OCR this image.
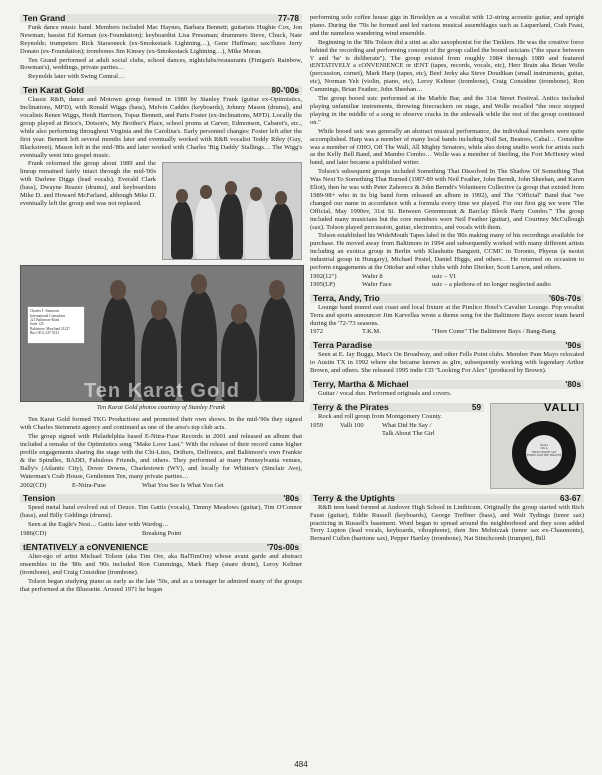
Ten Grand	77-78

Funk dance music band. Members included Mac Haynes, Barbara Bennett; guitarists Hughie Cox, Jon Newman; bassist Ed Kernan (ex-Foundation); keyboardist Lisa Pressman; drummers Steve, Chuck, Nate Reynolds; trumpeters Rick Starsoneck (ex-Smokestack Lightning…), Gene Huffman; sax/flutes Jerry Donato (ex-Foundation); trombones Jim Kinsey (ex-Smokestack Lightning…), Mike Moran.

Ten Grand performed at adult social clubs, school dances, nightclubs/restaurants (Finigan's Rainbow, Bowman's), weddings, private parties…

Reynolds later with Swing Central…

Ten Karat Gold	80-'00s

Classic R&B, dance and Motown group formed in 1980 by Stanley Frank (guitar ex-Optimistics, Inclinations, MFD), with Ronald Wiggs (bass), Melvin Caddes (keyboards), Johnny Mason (drums), and vocalists Renee Wiggs, Heidi Harrison, Topaz Bennett, and Paris Foster (ex-Inclinations, MFD). Locally the group played at Brice's, Dotson's, My Brother's Place, school proms at Carver, Edmonson, Cabaret's, etc., while also performing throughout Virginia and the Carolina's. Early personnel changes: Foster left after the first year. Bennett left several months later and eventually worked with R&B vocalist Teddy Riley (Guy, Blackstreet). Mason left in the mid-'80s and later worked with Charles 'Big Daddy' Stallings… The Wigg's eventually went into gospel music.

Frank reformed the group about 1989 and the lineup remained fairly intact through the mid-'00s with Darlene Diggs (lead vocals), Everald Clark (bass), Dwayne Reazer (drums), and keyboardists Mike D. and Howard McFarland, although Mike D. eventually left the group and was not replaced.

Charles T. Simmons
International Consultant
221 Baltimore Road
Suite 125
Baltimore, Maryland 21227
Bus (301) 247-3333
Ten Karat Gold
Ten Karat Gold photos courtesy of Stanley Frank

Ten Karat Gold formed TKG Productions and promoted their own shows. In the mid-'90s they signed with Charles Steinmetz agency and continued as one of the area's top club acts.

The group signed with Philadelphia based E-Nitra-Fuse Records in 2001 and released an album that included a remake of the Optimistics song "Make Love Last." With the release of their record came higher profile engagements sharing the stage with the Chi-Lites, Drifters, Delfonics, and Baltimore's own Frankie & the Spindles, BADD, Fabulous Friends, and others. They performed at many Pennsylvania venues, Bally's (Atlantic City), Dover Downs, Charlestown (WV), and locally for Whitten's (Sinclair Ave), Waterman's Crab House, Gentlemen Ten, many private parties…

2002(CD)	E-Nitra-Fuse	What You See Is What You Get
Tension	'80s

Speed metal band evolved out of Deuce. Tim Gattis (vocals), Timmy Meadows (guitar), Tim O'Connor (bass), and Billy Giddings (drums).

Seen at the Eagle's Nest… Gattis later with Wardog…

1986(CD)	Breaking Point
tENTATIVELY a cONVENIENCE	'70s-00s

Alter-ego of artist Michael Tolson (aka Tim Ore, aka BalTimOre) whose avant garde and abstract ensembles in the '80s and '90s included Ron Cummings, Mark Harp (snare drum), Leroy Keltner (trombone), and Craig Considine (trombone).

Tolson began studying piano as early as the late '50s, and as a teenager he admired many of the groups that performed at the Bluesette. Around 1971 he began

performing solo coffee house gigs in Brooklyn as a vocalist with 12-string acoustic guitar, and upright piano. During the '70s he formed and led various musical assemblages such as Laquerland, Crab Feast, and the nameless wandering wind ensemble.

Beginning in the '80s Tolson did a stint as alto saxophonist for the Tinklers. He was the creative force behind the recording and performing concept of the group called the booed usicians ("the space between 't' and 'he' is deliberate"). The group existed from roughly 1984 through 1989 and featured tENTATIVELY a cONVENIENCE or tENT (tapes, records, vocals, etc), Herr Brain aka Brian Wolle (percussion, cornet), Mark Harp (tapes, etc), Beef Jerky aka Steve Doudikan (small instruments, guitar, etc), Norman Yeh (violin, piano, etc), Leroy Keltner (trombone), Craig Considine (trombone), Ron Cummings, Brian Feather, John Sheehan…

The group booed usic performed at the Marble Bar, and the 31st Street Festival. Antics included playing unfamiliar instruments, throwing firecrackers on stage, and Wolle recalled "the once stopped playing in the middle of a song to observe cracks in the sidewalk while the rest of the group continued on."

While booed usic was generally an abstract musical performance, the individual members were quite accomplished. Harp was a member of many local bands including Null Set, Beatoes, Cabal… Considine was a member of OHO, Off The Wall, All Mighty Senators, while also doing studio work for artists such as the Kelly Bell Band, and Mambo Combo… Wolle was a member of Sterling, the Fort McHenry wind band, and later became a published writer.

Tolson's subsequent groups included Something That Dissolved In The Shadow Of Something That Was Next To Something That Burned (1987-89 with Neil Feather, John Berndt, John Sheehan, and Karen Eliot), then he was with Peter Zahorecz & John Berndt's Volunteers Collective (a group that existed from 1989-98+ who in its big band form released an album in 1992), and The "Official" Band that "we changed our name in accordance with a formula every time we played. For our first gig we were 'The Official, May 1990ev, 31st St. Between Greenmount & Barclay Block Party Combo.'" The group included many musicians but the core members were Neil Feather (guitar), and Courtney McCullough (sax). Tolson played percussion, guitar, electronics, and vocals with them.

Tolson established his WideMouth Tapes label in the '80s making many of his recordings available for purchase. He moved away from Baltimore in 1994 and subsequently worked with many different artists including an exotica group in Berlin with Klauhutte Bangzeit, CCMC in Toronto, Phyeus (a neoist industrial group in Hungary), Michael Pestel, Daniel Higgs, and others… He returned on occasion to perform engagements at the Ottobar and other clubs with John Dierker, Scott Larson, and others.

1992(12")	Wafer 8	usic – VI
1995(LP)	Wafer Face	usic – a plethora of no longer neglected audio
Terra, Andy, Trio	'60s-70s

Lounge band toured east coast and local fixture at the Pimlico Hotel's Cavalier Lounge. Pop vocalist Terra and sports announcer Jim Karvellas wrote a theme song for the Baltimore Bays soccer team heard during the '72-'73 seasons.

1972	T.K.M.	"Here Come" The Baltimore Bays / Bang-Bang
Terra Paradise	'90s

Seen at E. Jay Buggs, Max's On Broadway, and other Fells Point clubs. Member Pam Mayo relocated to Austin TX in 1992 where she became known as gIre, subsequently working with legendary Arthur Brown, and others. She released 1995 indie CD "Looking For Alex" (produced by Brown).

Terry, Martha & Michael	'80s

Guitar / vocal duo. Performed originals and covers.

VALLI
VALLI
100-A
WHAT DID HE SAY
TERRY AND THE PIRATES
Terry & the Pirates	59

Rock and roll group from Montgomery County.

1959	Valli 100	What Did He Say /
Talk About The Girl
Terry & the Uptights	63-67

R&B teen band formed at Andover High School in Linthicum. Originally the group started with Rich Faust (guitar), Eddie Russell (keyboards), George Treffner (bass), and Walt Tydings (tenor sax) practicing in Russell's basement. Word began to spread around the neighborhood and they soon added Terry Lupton (lead vocals, keyboards, vibraphone), then Jim Melniczak (tenor sax ex-Chaumonts), Bernard Cullen (baritone sax), Pepper Hartley (trombone), Nat Stinchcomb (trumpet), Bill

484
